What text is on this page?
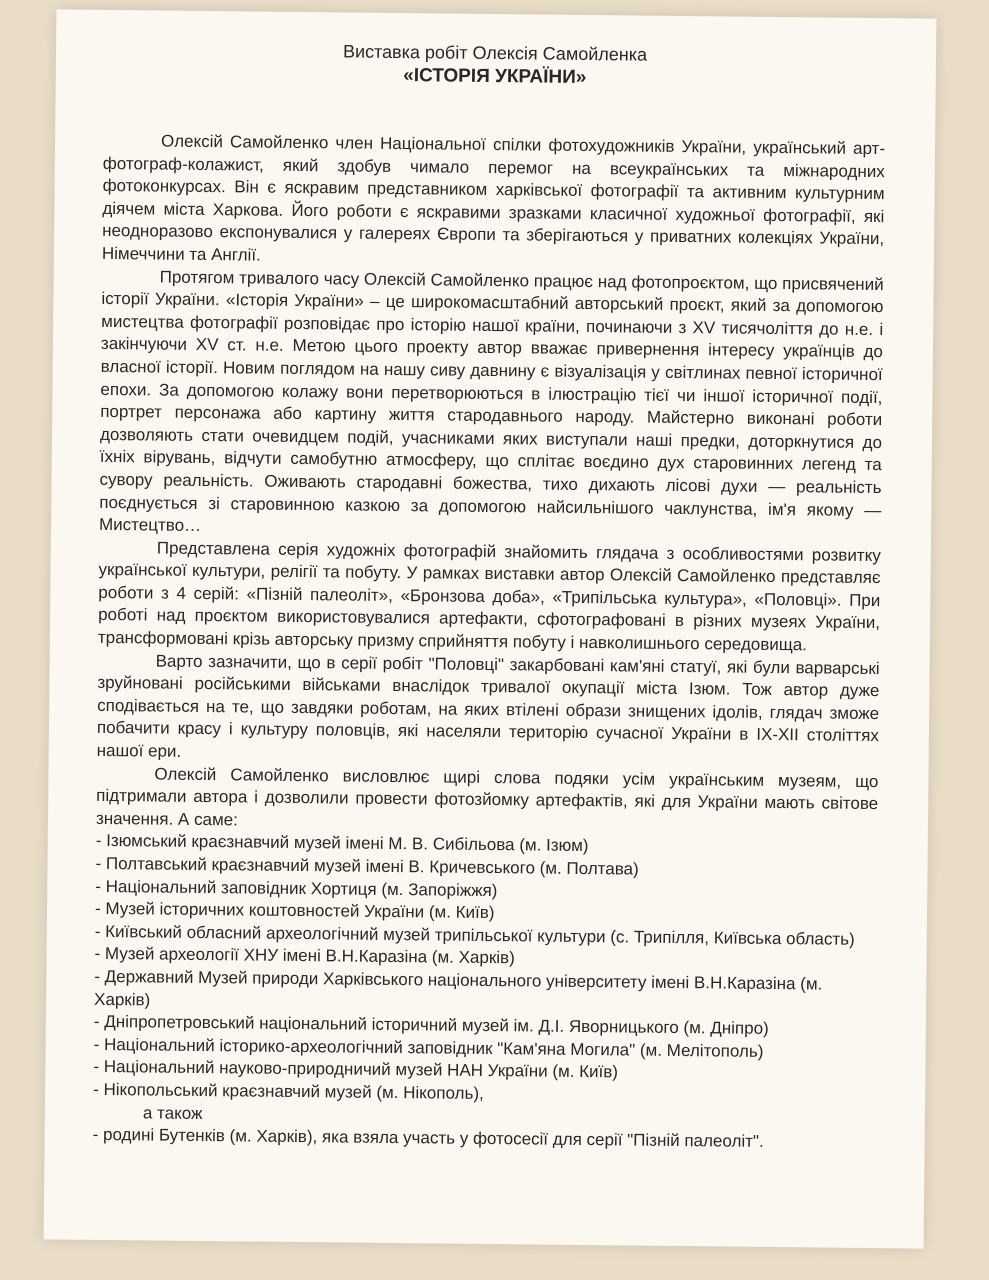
Виставка робіт Олексія Самойленка

«ІСТОРІЯ УКРАЇНИ»

Олексій Самойленко член Національної спілки фотохудожників України, український арт-фотограф-колажист, який здобув чимало перемог на всеукраїнських та міжнародних фотоконкурсах. Він є яскравим представником харківської фотографії та активним культурним діячем міста Харкова. Його роботи є яскравими зразками класичної художньої фотографії, які неодноразово експонувалися у галереях Європи та зберігаються у приватних колекціях України, Німеччини та Англії.

Протягом тривалого часу Олексій Самойленко працює над фотопроєктом, що присвячений історії України. «Історія України» – це широкомасштабний авторський проєкт, який за допомогою мистецтва фотографії розповідає про історію нашої країни, починаючи з XV тисячоліття до н.е. і закінчуючи XV ст. н.е. Метою цього проекту автор вважає привернення інтересу українців до власної історії. Новим поглядом на нашу сиву давнину є візуалізація у світлинах певної історичної епохи. За допомогою колажу вони перетворюються в ілюстрацію тієї чи іншої історичної події, портрет персонажа або картину життя стародавнього народу. Майстерно виконані роботи дозволяють стати очевидцем подій, учасниками яких виступали наші предки, доторкнутися до їхніх вірувань, відчути самобутню атмосферу, що сплітає воєдино дух старовинних легенд та сувору реальність. Оживають стародавні божества, тихо дихають лісові духи — реальність поєднується зі старовинною казкою за допомогою найсильнішого чаклунства, ім'я якому — Мистецтво…

Представлена серія художніх фотографій знайомить глядача з особливостями розвитку української культури, релігії та побуту. У рамках виставки автор Олексій Самойленко представляє роботи з 4 серій: «Пізній палеоліт», «Бронзова доба», «Трипільська культура», «Половці». При роботі над проєктом використовувалися артефакти, сфотографовані в різних музеях України, трансформовані крізь авторську призму сприйняття побуту і навколишнього середовища.

Варто зазначити, що в серії робіт "Половці" закарбовані кам'яні статуї, які були варварські зруйновані російськими військами внаслідок тривалої окупації міста Ізюм. Тож автор дуже сподівається на те, що завдяки роботам, на яких втілені образи знищених ідолів, глядач зможе побачити красу і культуру половців, які населяли територію сучасної України в IX-XII століттях нашої ери.

Олексій Самойленко висловлює щирі слова подяки усім українським музеям, що підтримали автора і дозволили провести фотозйомку артефактів, які для України мають світове значення. А саме:

- Ізюмський краєзнавчий музей імені М. В. Сибільова (м. Ізюм)
- Полтавський краєзнавчий музей імені В. Кричевського (м. Полтава)
- Національний заповідник Хортиця (м. Запоріжжя)
- Музей історичних коштовностей України (м. Київ)
- Київський обласний археологічний музей трипільської культури (с. Трипілля, Київська область)
- Музей археології ХНУ імені В.Н.Каразіна (м. Харків)
- Державний Музей природи Харківського національного університету імені В.Н.Каразіна (м. Харків)
- Дніпропетровський національний історичний музей ім. Д.І. Яворницького (м. Дніпро)
- Національний історико-археологічний заповідник "Кам'яна Могила" (м. Мелітополь)
- Національний науково-природничий музей НАН України (м. Київ)
- Нікопольський краєзнавчий музей (м. Нікополь),

а також

- родині Бутенків (м. Харків), яка взяла участь у фотосесії для серії "Пізній палеоліт".
